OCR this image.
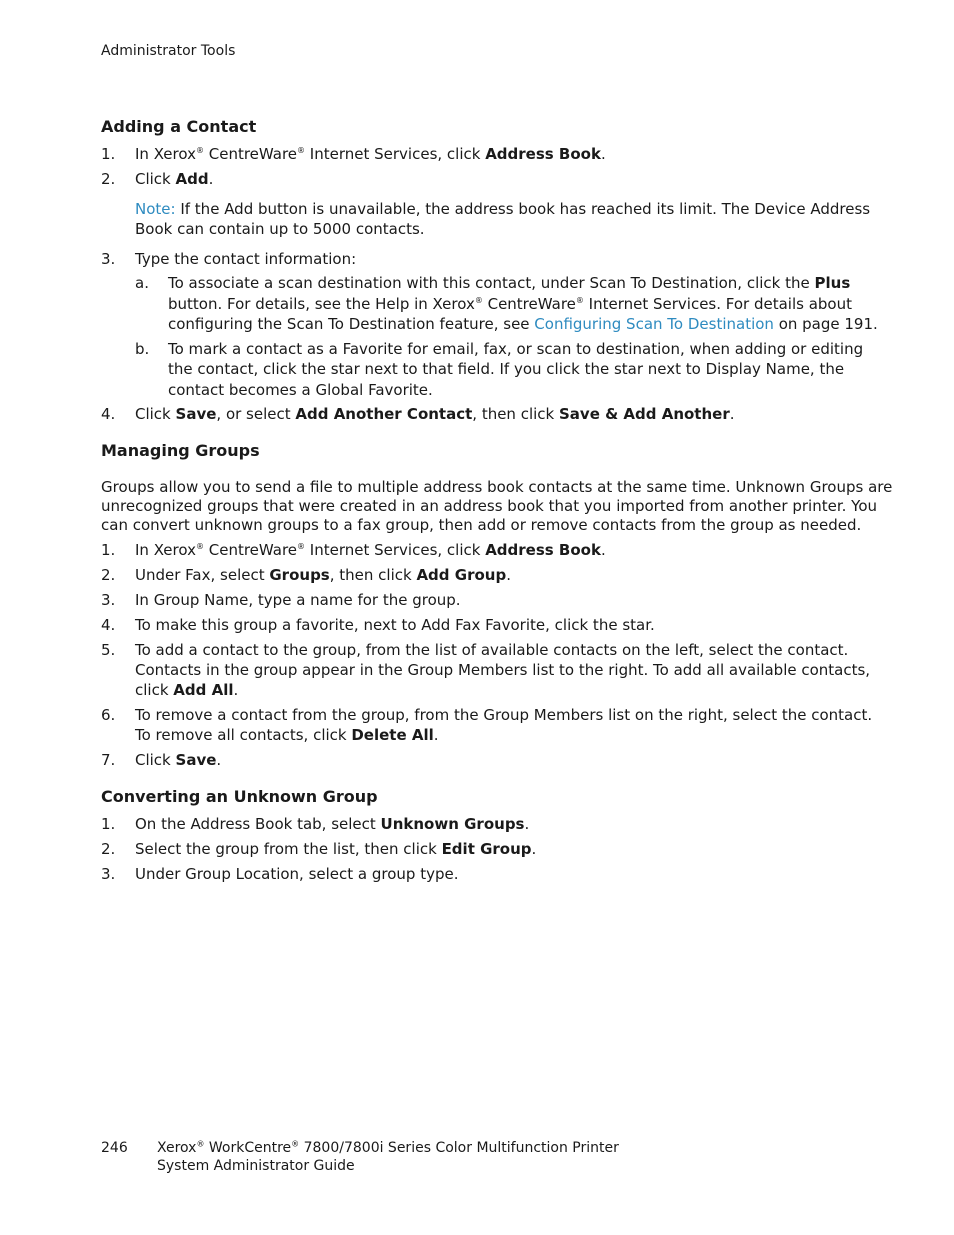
Administrator Tools
Adding a Contact
1. In Xerox® CentreWare® Internet Services, click Address Book.
2. Click Add.
Note: If the Add button is unavailable, the address book has reached its limit. The Device Address
Book can contain up to 5000 contacts.
3. Type the contact information:
a. To associate a scan destination with this contact, under Scan To Destination, click the Plus
button. For details, see the Help in Xerox® CentreWare® Internet Services. For details about
configuring the Scan To Destination feature, see Configuring Scan To Destination on page 191.
b. To mark a contact as a Favorite for email, fax, or scan to destination, when adding or editing
the contact, click the star next to that field. If you click the star next to Display Name, the
contact becomes a Global Favorite.
4. Click Save, or select Add Another Contact, then click Save & Add Another.
Managing Groups
Groups allow you to send a file to multiple address book contacts at the same time. Unknown Groups are
unrecognized groups that were created in an address book that you imported from another printer. You
can convert unknown groups to a fax group, then add or remove contacts from the group as needed.
1. In Xerox® CentreWare® Internet Services, click Address Book.
2. Under Fax, select Groups, then click Add Group.
3. In Group Name, type a name for the group.
4. To make this group a favorite, next to Add Fax Favorite, click the star.
5. To add a contact to the group, from the list of available contacts on the left, select the contact.
Contacts in the group appear in the Group Members list to the right. To add all available contacts,
click Add All.
6. To remove a contact from the group, from the Group Members list on the right, select the contact.
To remove all contacts, click Delete All.
7. Click Save.
Converting an Unknown Group
1. On the Address Book tab, select Unknown Groups.
2. Select the group from the list, then click Edit Group.
3. Under Group Location, select a group type.
246 Xerox® WorkCentre® 7800/7800i Series Color Multifunction Printer
System Administrator Guide
